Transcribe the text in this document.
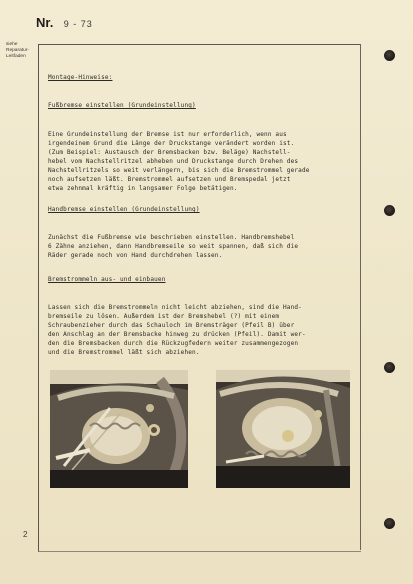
Nr. 9 - 73
siehe Reparatur-Leitfaden
Montage-Hinweise:
Fußbremse einstellen (Grundeinstellung)
Eine Grundeinstellung der Bremse ist nur erforderlich, wenn aus
irgendeinem Grund die Länge der Druckstange verändert worden ist.
(Zum Beispiel: Austausch der Bremsbacken bzw. Beläge) Nachstell-
hebel vom Nachstellritzel abheben und Druckstange durch Drehen des
Nachstellritzels so weit verlängern, bis sich die Bremstrommel gerade
noch aufsetzen läßt. Bremstrommel aufsetzen und Bremspedal jetzt
etwa zehnmal kräftig in langsamer Folge betätigen.
Handbremse einstellen (Grundeinstellung)
Zunächst die Fußbremse wie beschrieben einstellen. Handbremshebel
6 Zähne anziehen, dann Handbremseile so weit spannen, daß sich die
Räder gerade noch von Hand durchdrehen lassen.
Bremstrommeln aus- und einbauen
Lassen sich die Bremstrommeln nicht leicht abziehen, sind die Hand-
bremseile zu lösen. Außerdem ist der Bremshebel (?) mit einem
Schraubenzieher durch das Schauloch im Bremsträger (Pfeil B) über
den Anschlag an der Bremsbacke hinweg zu drücken (Pfeil). Damit wer-
den die Bremsbacken durch die Rückzugfedern weiter zusammengezogen
und die Bremstrommel läßt sich abziehen.
2
